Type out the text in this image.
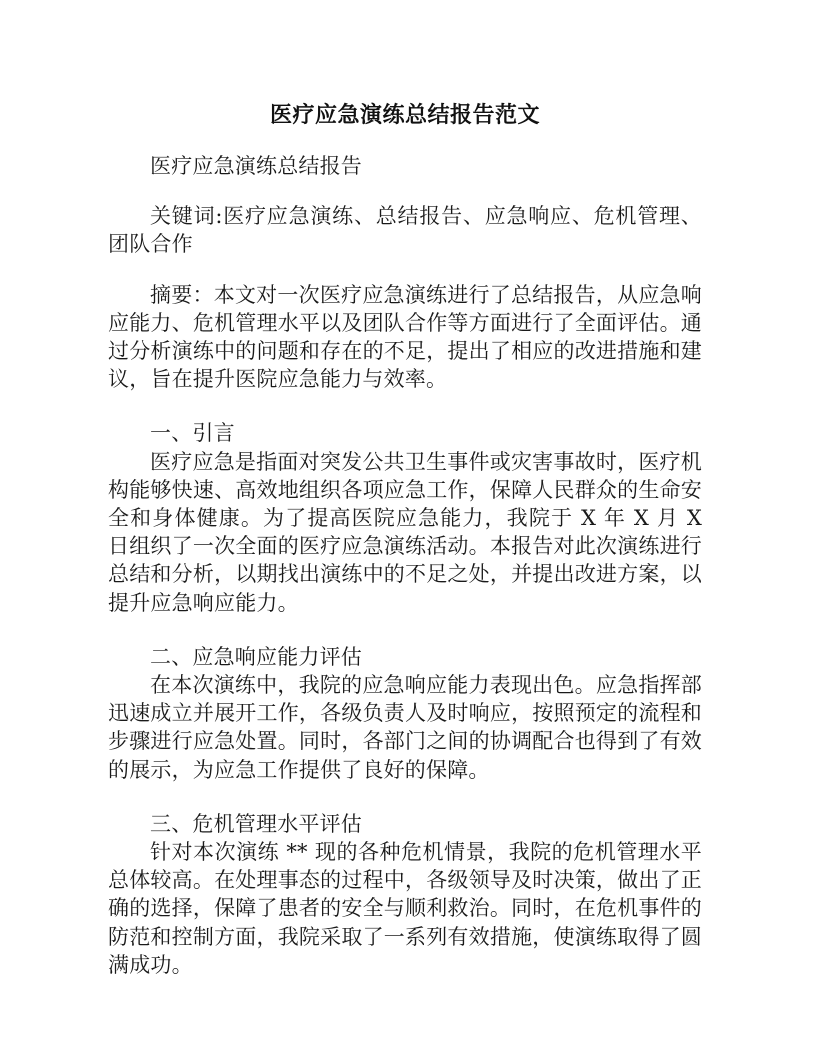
医疗应急演练总结报告范文

医疗应急演练总结报告

关键词:医疗应急演练、总结报告、应急响应、危机管理、团队合作

摘要：本文对一次医疗应急演练进行了总结报告，从应急响应能力、危机管理水平以及团队合作等方面进行了全面评估。通过分析演练中的问题和存在的不足，提出了相应的改进措施和建议，旨在提升医院应急能力与效率。

一、引言

医疗应急是指面对突发公共卫生事件或灾害事故时，医疗机构能够快速、高效地组织各项应急工作，保障人民群众的生命安全和身体健康。为了提高医院应急能力，我院于 X 年 X 月 X 日组织了一次全面的医疗应急演练活动。本报告对此次演练进行总结和分析，以期找出演练中的不足之处，并提出改进方案，以提升应急响应能力。

二、应急响应能力评估

在本次演练中，我院的应急响应能力表现出色。应急指挥部迅速成立并展开工作，各级负责人及时响应，按照预定的流程和步骤进行应急处置。同时，各部门之间的协调配合也得到了有效的展示，为应急工作提供了良好的保障。

三、危机管理水平评估

针对本次演练 ** 现的各种危机情景，我院的危机管理水平总体较高。在处理事态的过程中，各级领导及时决策，做出了正确的选择，保障了患者的安全与顺利救治。同时，在危机事件的防范和控制方面，我院采取了一系列有效措施，使演练取得了圆满成功。
